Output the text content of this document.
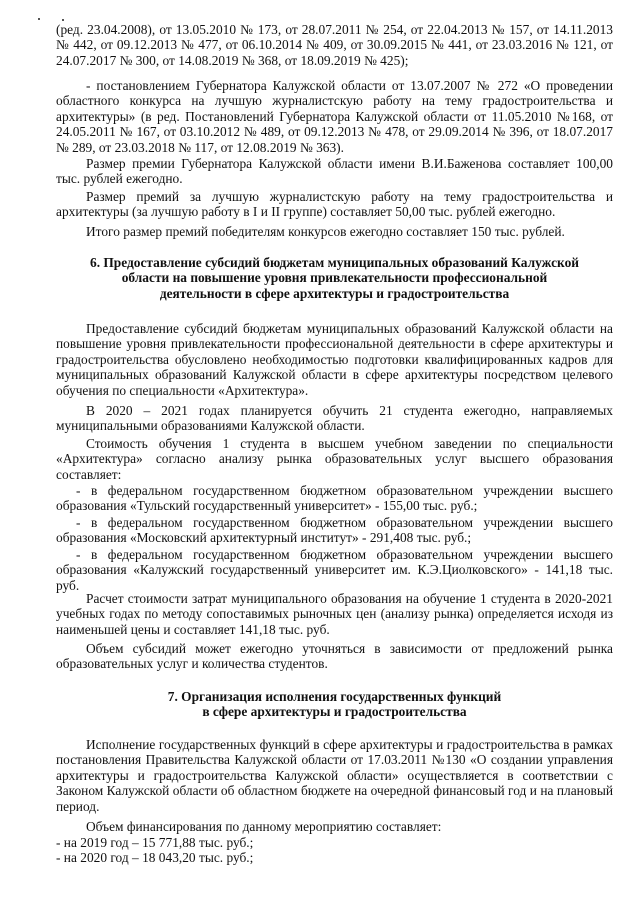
(ред. 23.04.2008), от 13.05.2010 № 173, от 28.07.2011 № 254, от 22.04.2013 № 157, от 14.11.2013 № 442, от 09.12.2013 № 477, от 06.10.2014 № 409, от 30.09.2015 № 441, от 23.03.2016 № 121, от 24.07.2017 № 300, от 14.08.2019 № 368, от 18.09.2019 № 425);

- постановлением Губернатора Калужской области от 13.07.2007 № 272 «О проведении областного конкурса на лучшую журналистскую работу на тему градостроительства и архитектуры» (в ред. Постановлений Губернатора Калужской области от 11.05.2010 №168, от 24.05.2011 № 167, от 03.10.2012 № 489, от 09.12.2013 № 478, от 29.09.2014 № 396, от 18.07.2017 № 289, от 23.03.2018 № 117, от 12.08.2019 № 363).

Размер премии Губернатора Калужской области имени В.И.Баженова составляет 100,00 тыс. рублей ежегодно.

Размер премий за лучшую журналистскую работу на тему градостроительства и архитектуры (за лучшую работу в I и II группе) составляет 50,00 тыс. рублей ежегодно.

Итого размер премий победителям конкурсов ежегодно составляет 150 тыс. рублей.

6. Предоставление субсидий бюджетам муниципальных образований Калужской
области на повышение уровня привлекательности профессиональной
деятельности в сфере архитектуры и градостроительства

Предоставление субсидий бюджетам муниципальных образований Калужской области на повышение уровня привлекательности профессиональной деятельности в сфере архитектуры и градостроительства обусловлено необходимостью подготовки квалифицированных кадров для муниципальных образований Калужской области в сфере архитектуры посредством целевого обучения по специальности «Архитектура».

В 2020 – 2021 годах планируется обучить 21 студента ежегодно, направляемых муниципальными образованиями Калужской области.

Стоимость обучения 1 студента в высшем учебном заведении по специальности «Архитектура» согласно анализу рынка образовательных услуг высшего образования составляет:

- в федеральном государственном бюджетном образовательном учреждении высшего образования «Тульский государственный университет» - 155,00 тыс. руб.;

- в федеральном государственном бюджетном образовательном учреждении высшего образования «Московский архитектурный институт» - 291,408 тыс. руб.;

- в федеральном государственном бюджетном образовательном учреждении высшего образования «Калужский государственный университет им. К.Э.Циолковского» - 141,18 тыс. руб.

Расчет стоимости затрат муниципального образования на обучение 1 студента в 2020-2021 учебных годах по методу сопоставимых рыночных цен (анализу рынка) определяется исходя из наименьшей цены и составляет 141,18 тыс. руб.

Объем субсидий может ежегодно уточняться в зависимости от предложений рынка образовательных услуг и количества студентов.

7. Организация исполнения государственных функций
в сфере архитектуры и градостроительства

Исполнение государственных функций в сфере архитектуры и градостроительства в рамках постановления Правительства Калужской области от 17.03.2011 №130 «О создании управления архитектуры и градостроительства Калужской области» осуществляется в соответствии с Законом Калужской области об областном бюджете на очередной финансовый год и на плановый период.

Объем финансирования по данному мероприятию составляет:

- на 2019 год – 15 771,88 тыс. руб.;
- на 2020 год – 18 043,20 тыс. руб.;
